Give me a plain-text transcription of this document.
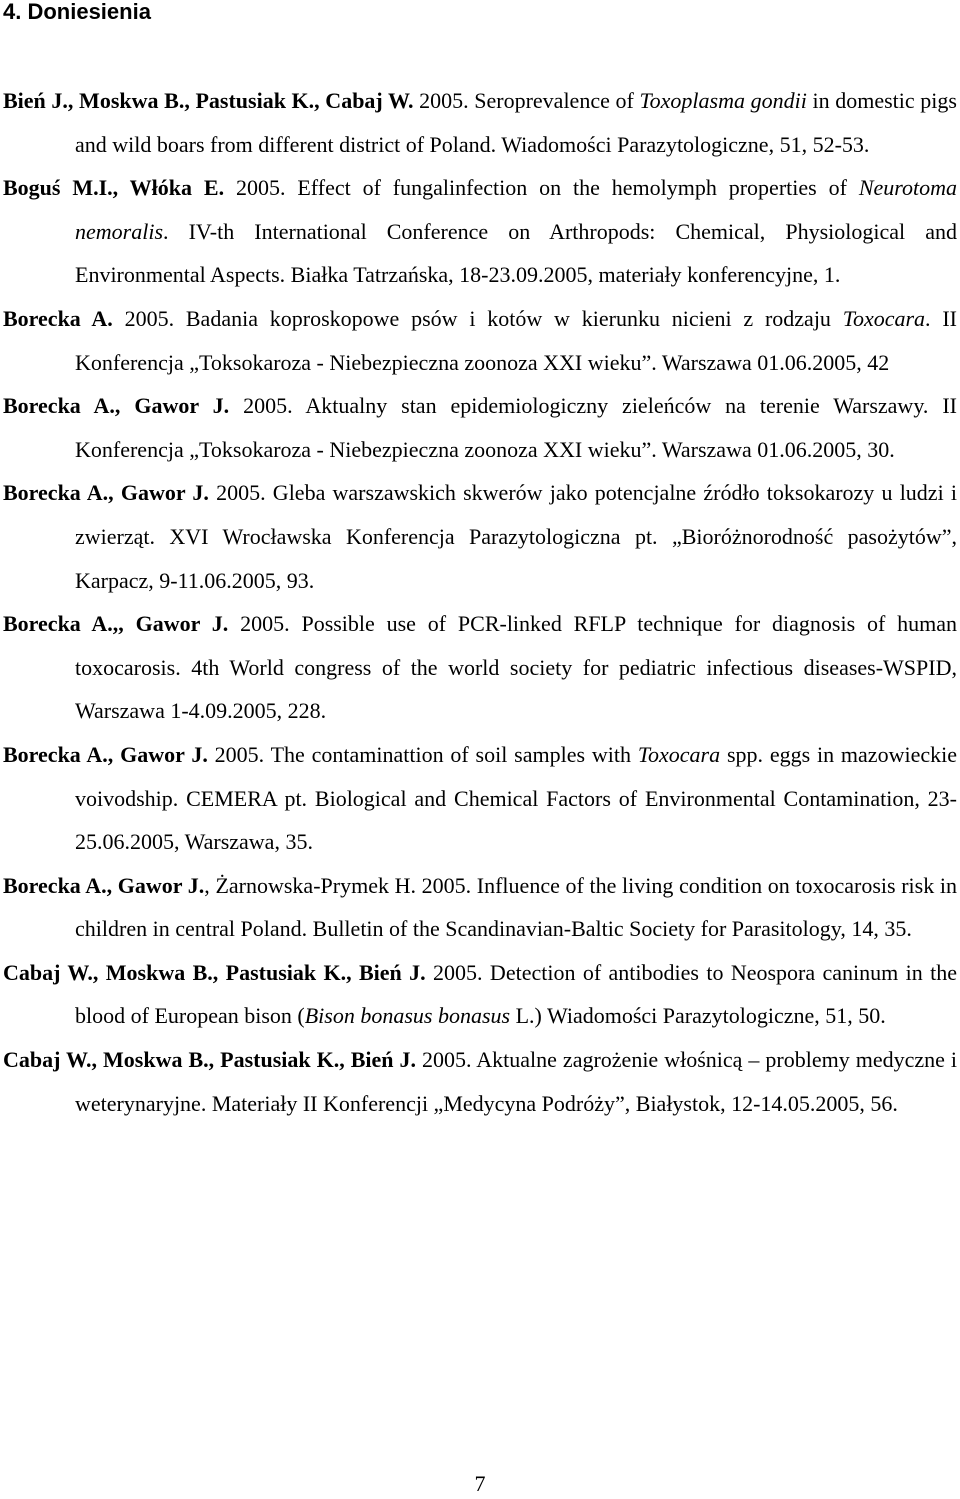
4. Doniesienia

Bień J., Moskwa B., Pastusiak K., Cabaj W. 2005. Seroprevalence of Toxoplasma gondii in domestic pigs and wild boars from different district of Poland. Wiadomości Parazytologiczne, 51, 52-53.

Boguś M.I., Włóka E. 2005. Effect of fungalinfection on the hemolymph properties of Neurotoma nemoralis. IV-th International Conference on Arthropods: Chemical, Physiological and Environmental Aspects. Białka Tatrzańska, 18-23.09.2005, materiały konferencyjne, 1.

Borecka A. 2005. Badania koproskopowe psów i kotów w kierunku nicieni z rodzaju Toxocara. II Konferencja „Toksokaroza - Niebezpieczna zoonoza XXI wieku”. Warszawa 01.06.2005, 42

Borecka A., Gawor J. 2005. Aktualny stan epidemiologiczny zieleńców na terenie Warszawy. II Konferencja „Toksokaroza - Niebezpieczna zoonoza XXI wieku”. Warszawa 01.06.2005, 30.

Borecka A., Gawor J. 2005. Gleba warszawskich skwerów jako potencjalne źródło toksokarozy u ludzi i zwierząt. XVI Wrocławska Konferencja Parazytologiczna pt. „Bioróżnorodność pasożytów”, Karpacz, 9-11.06.2005, 93.

Borecka A.,, Gawor J. 2005. Possible use of PCR-linked RFLP technique for diagnosis of human toxocarosis. 4th World congress of the world society for pediatric infectious diseases-WSPID, Warszawa 1-4.09.2005, 228.

Borecka A., Gawor J. 2005. The contaminattion of soil samples with Toxocara spp. eggs in mazowieckie voivodship. CEMERA pt. Biological and Chemical Factors of Environmental Contamination, 23-25.06.2005, Warszawa, 35.

Borecka A., Gawor J., Żarnowska-Prymek H. 2005. Influence of the living condition on toxocarosis risk in children in central Poland. Bulletin of the Scandinavian-Baltic Society for Parasitology, 14, 35.

Cabaj W., Moskwa B., Pastusiak K., Bień J. 2005. Detection of antibodies to Neospora caninum in the blood of European bison (Bison bonasus bonasus L.) Wiadomości Parazytologiczne, 51, 50.

Cabaj W., Moskwa B., Pastusiak K., Bień J. 2005. Aktualne zagrożenie włośnicą – problemy medyczne i weterynaryjne. Materiały II Konferencji „Medycyna Podróży”, Białystok, 12-14.05.2005, 56.

7
